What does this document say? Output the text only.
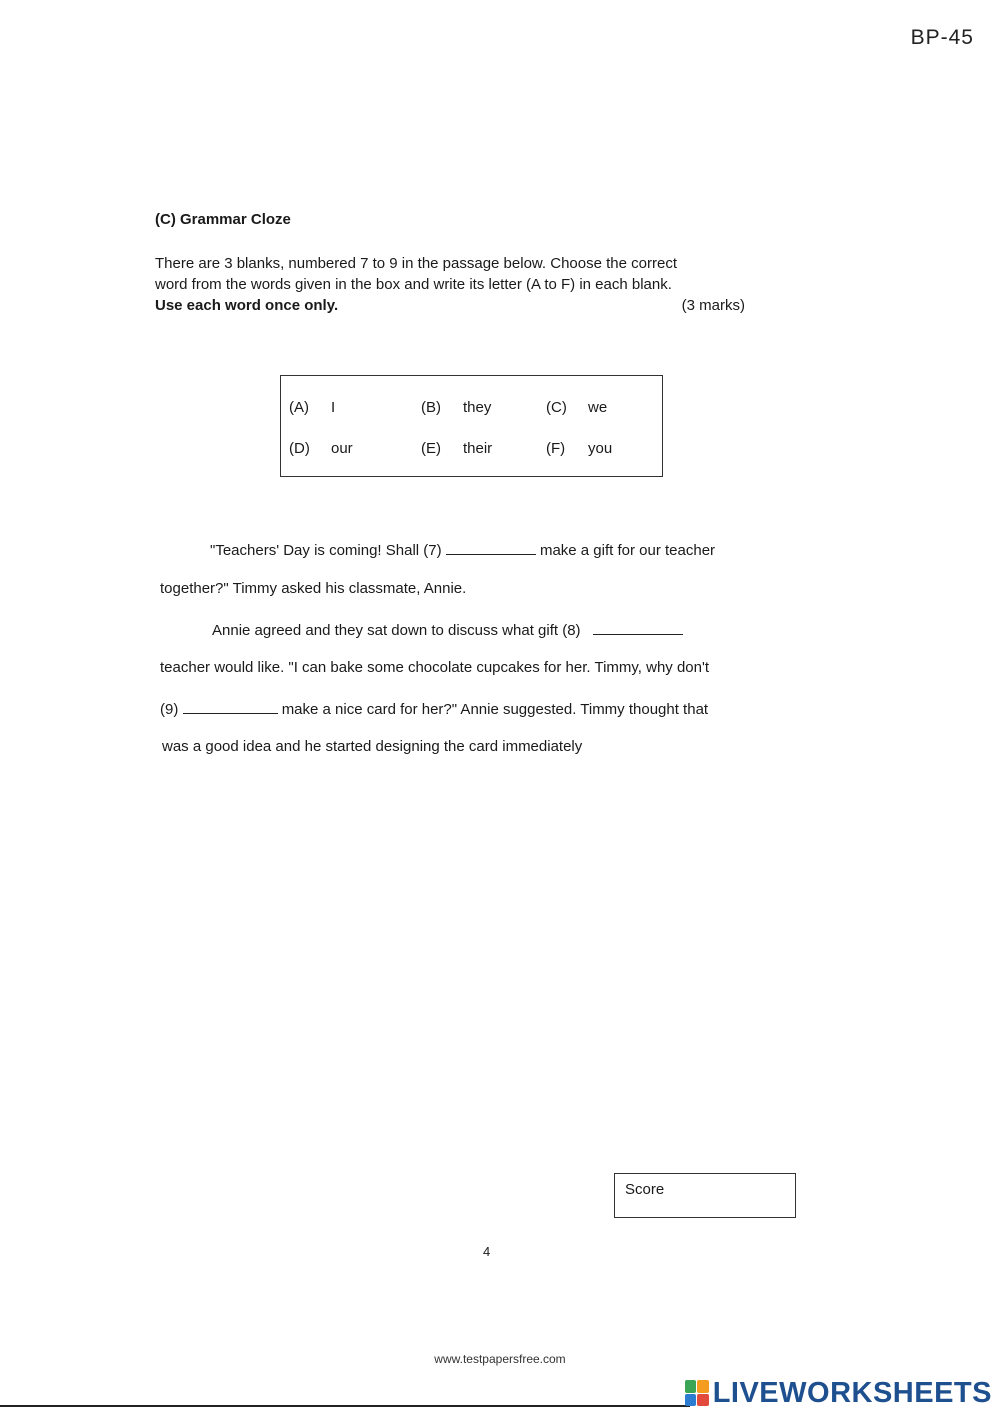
BP-45
(C) Grammar Cloze
There are 3 blanks, numbered 7 to 9 in the passage below. Choose the correct
word from the words given in the box and write its letter (A to F) in each blank.
Use each word once only.	(3 marks)
(A) I	(B) they	(C) we
(D) our	(E) their	(F) you
"Teachers' Day is coming! Shall (7)	make a gift for our teacher
together?" Timmy asked his classmate, Annie.
Annie agreed and they sat down to discuss what gift (8)
teacher would like. "I can bake some chocolate cupcakes for her. Timmy, why don't
(9)	make a nice card for her?" Annie suggested. Timmy thought that
was a good idea and he started designing the card immediately
Score
4
www.testpapersfree.com
LIVEWORKSHEETS
